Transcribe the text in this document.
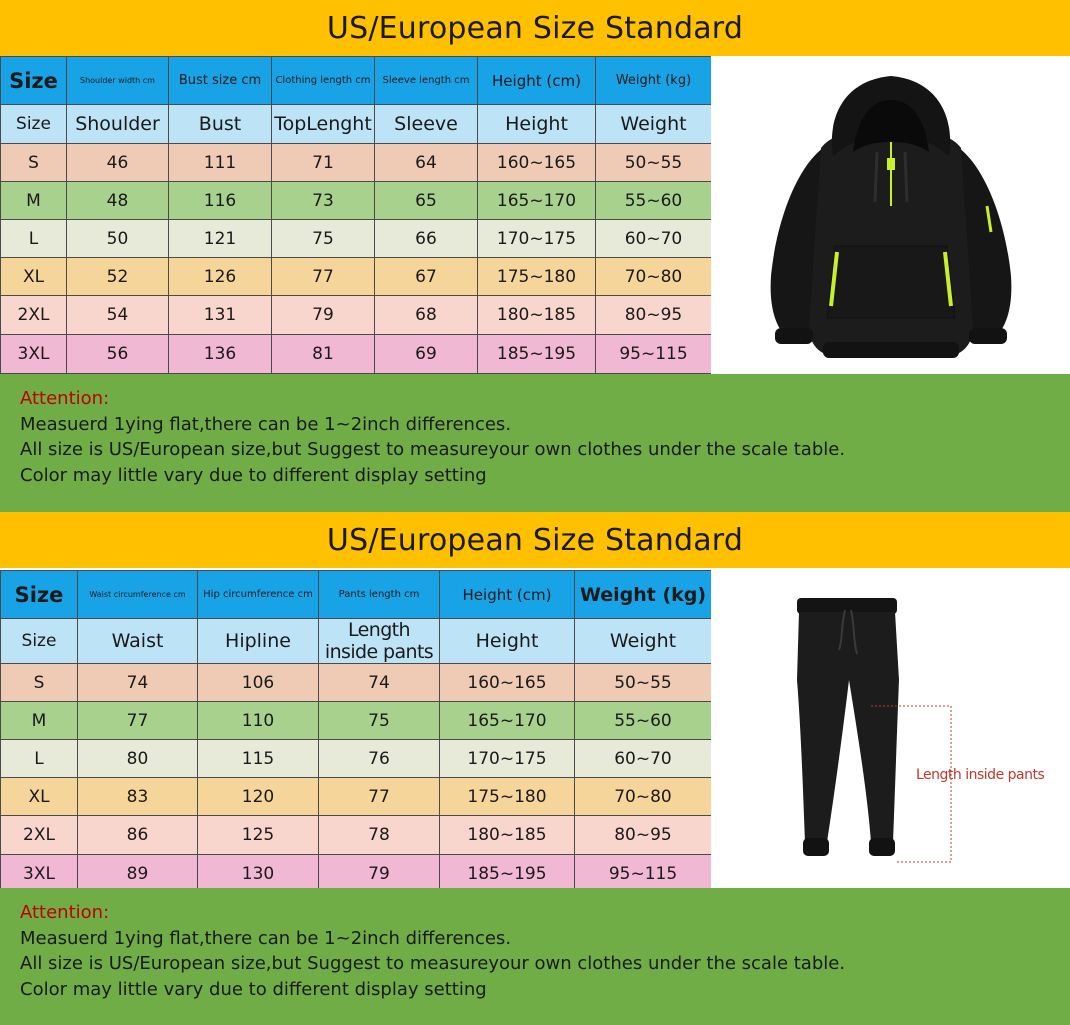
US/European Size Standard
Size	Shoulder width cm	Bust size cm	Clothing length cm	Sleeve length cm	Height (cm)	Weight (kg)
Size	Shoulder	Bust	TopLenght	Sleeve	Height	Weight
S	46	111	71	64	160~165	50~55
M	48	116	73	65	165~170	55~60
L	50	121	75	66	170~175	60~70
XL	52	126	77	67	175~180	70~80
2XL	54	131	79	68	180~185	80~95
3XL	56	136	81	69	185~195	95~115
Attention:
Measuerd 1ying flat,there can be 1~2inch differences.
All size is US/European size,but Suggest to measureyour own clothes under the scale table.
Color may little vary due to different display setting
US/European Size Standard
Size	Waist circumference cm	Hip circumference cm	Pants length cm	Height (cm)	Weight (kg)
Size	Waist	Hipline	Length inside pants	Height	Weight
S	74	106	74	160~165	50~55
M	77	110	75	165~170	55~60
L	80	115	76	170~175	60~70
XL	83	120	77	175~180	70~80
2XL	86	125	78	180~185	80~95
3XL	89	130	79	185~195	95~115
Length inside pants
Attention:
Measuerd 1ying flat,there can be 1~2inch differences.
All size is US/European size,but Suggest to measureyour own clothes under the scale table.
Color may little vary due to different display setting
